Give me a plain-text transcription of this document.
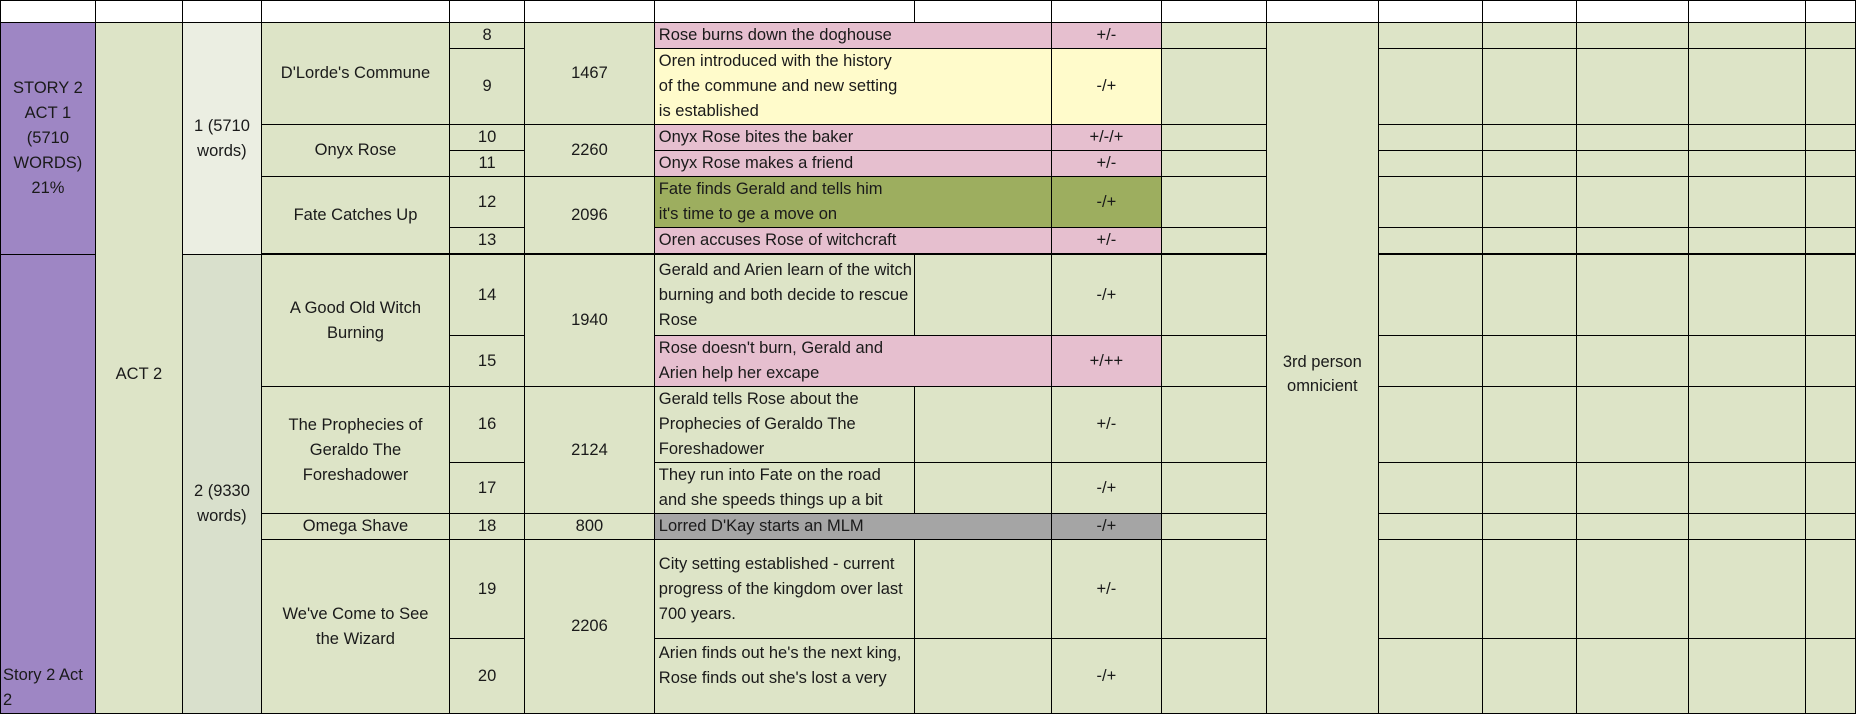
STORY 2 ACT 1 (5710 WORDS) 21%	ACT 2	1 (5710 words)	D'Lorde's Commune	8	1467	Rose burns down the doghouse		+/-		3rd person omnicient					
				9		Oren introduced with the history of the commune and new setting is established		-/+							
			Onyx Rose	10	2260	Onyx Rose bites the baker		+/-/+							
				11		Onyx Rose makes a friend		+/-							
			Fate Catches Up	12	2096	Fate finds Gerald and tells him it's time to ge a move on		-/+							
				13		Oren accuses Rose of witchcraft		+/-							

Story 2 Act 2		2 (9330 words)	A Good Old Witch Burning	14	1940	Gerald and Arien learn of the witch burning and both decide to rescue Rose		-/+							
				15		Rose doesn't burn, Gerald and Arien help her excape		+/++							
			The Prophecies of Geraldo The Foreshadower	16	2124	Gerald tells Rose about the Prophecies of Geraldo The Foreshadower		+/-							
				17		They run into Fate on the road and she speeds things up a bit		-/+							
			Omega Shave	18	800	Lorred D'Kay starts an MLM		-/+							
			We've Come to See the Wizard	19	2206	City setting established - current progress of the kingdom over last 700 years.		+/-							
				20		Arien finds out he's the next king, Rose finds out she's lost a very		-/+							
